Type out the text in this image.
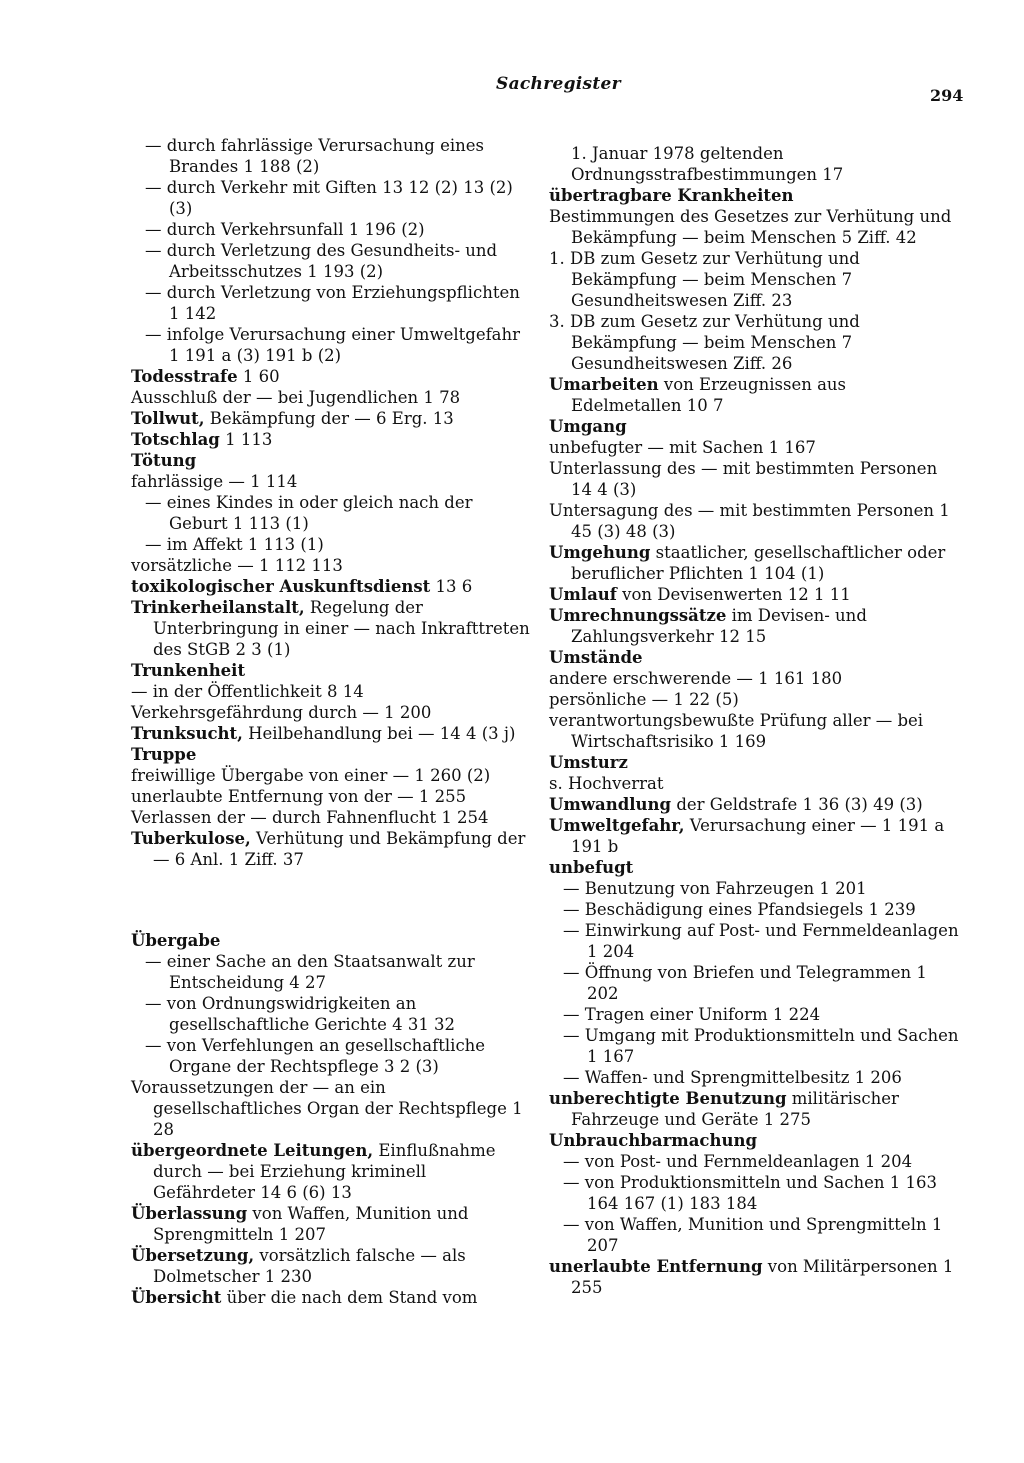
Sachregister
294

— durch fahrlässige Verursachung eines Brandes 1 188 (2)

— durch Verkehr mit Giften 13 12 (2) 13 (2) (3)

— durch Verkehrsunfall 1 196 (2)

— durch Verletzung des Gesundheits- und Arbeitsschutzes 1 193 (2)

— durch Verletzung von Erziehungspflichten 1 142

— infolge Verursachung einer Umweltgefahr 1 191 a (3) 191 b (2)

Todesstrafe 1 60

Ausschluß der — bei Jugendlichen 1 78

Tollwut, Bekämpfung der — 6 Erg. 13

Totschlag 1 113

Tötung

fahrlässige — 1 114

— eines Kindes in oder gleich nach der Geburt 1 113 (1)

— im Affekt 1 113 (1)

vorsätzliche — 1 112 113

toxikologischer Auskunftsdienst 13 6

Trinkerheilanstalt, Regelung der Unterbringung in einer — nach Inkrafttreten des StGB 2 3 (1)

Trunkenheit

— in der Öffentlichkeit 8 14

Verkehrsgefährdung durch — 1 200

Trunksucht, Heilbehandlung bei — 14 4 (3 j)

Truppe

freiwillige Übergabe von einer — 1 260 (2)

unerlaubte Entfernung von der — 1 255

Verlassen der — durch Fahnenflucht 1 254

Tuberkulose, Verhütung und Bekämpfung der — 6 Anl. 1 Ziff. 37

Übergabe

— einer Sache an den Staatsanwalt zur Entscheidung 4 27

— von Ordnungswidrigkeiten an gesellschaftliche Gerichte 4 31 32

— von Verfehlungen an gesellschaftliche Organe der Rechtspflege 3 2 (3)

Voraussetzungen der — an ein gesellschaftliches Organ der Rechtspflege 1 28

übergeordnete Leitungen, Einflußnahme durch — bei Erziehung kriminell Gefährdeter 14 6 (6) 13

Überlassung von Waffen, Munition und Sprengmitteln 1 207

Übersetzung, vorsätzlich falsche — als Dolmetscher 1 230

Übersicht über die nach dem Stand vom

1. Januar 1978 geltenden Ordnungsstrafbestimmungen 17

übertragbare Krankheiten

Bestimmungen des Gesetzes zur Verhütung und Bekämpfung — beim Menschen 5 Ziff. 42

1. DB zum Gesetz zur Verhütung und Bekämpfung — beim Menschen 7 Gesundheitswesen Ziff. 23

3. DB zum Gesetz zur Verhütung und Bekämpfung — beim Menschen 7 Gesundheitswesen Ziff. 26

Umarbeiten von Erzeugnissen aus Edelmetallen 10 7

Umgang

unbefugter — mit Sachen 1 167

Unterlassung des — mit bestimmten Personen 14 4 (3)

Untersagung des — mit bestimmten Personen 1 45 (3) 48 (3)

Umgehung staatlicher, gesellschaftlicher oder beruflicher Pflichten 1 104 (1)

Umlauf von Devisenwerten 12 1 11

Umrechnungssätze im Devisen- und Zahlungsverkehr 12 15

Umstände

andere erschwerende — 1 161 180

persönliche — 1 22 (5)

verantwortungsbewußte Prüfung aller — bei Wirtschaftsrisiko 1 169

Umsturz

s. Hochverrat

Umwandlung der Geldstrafe 1 36 (3) 49 (3)

Umweltgefahr, Verursachung einer — 1 191 a 191 b

unbefugt

— Benutzung von Fahrzeugen 1 201

— Beschädigung eines Pfandsiegels 1 239

— Einwirkung auf Post- und Fernmeldeanlagen 1 204

— Öffnung von Briefen und Telegrammen 1 202

— Tragen einer Uniform 1 224

— Umgang mit Produktionsmitteln und Sachen 1 167

— Waffen- und Sprengmittelbesitz 1 206

unberechtigte Benutzung militärischer Fahrzeuge und Geräte 1 275

Unbrauchbarmachung

— von Post- und Fernmeldeanlagen 1 204

— von Produktionsmitteln und Sachen 1 163 164 167 (1) 183 184

— von Waffen, Munition und Sprengmitteln 1 207

unerlaubte Entfernung von Militärpersonen 1 255
